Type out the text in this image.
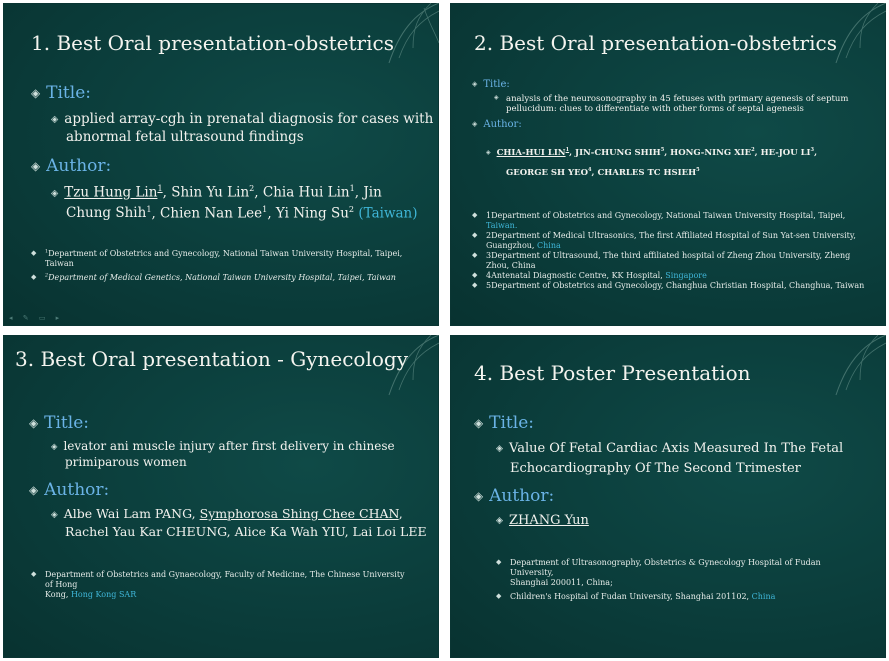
1. Best Oral presentation-obstetrics
◈ Title:
◈ applied array-cgh in prenatal diagnosis for cases with
abnormal fetal ultrasound findings
◈ Author:
◈ Tzu Hung Lin$^1$, Shin Yu Lin$^2$, Chia Hui Lin$^1$, Jin
Chung Shih$^1$, Chien Nan Lee$^1$, Yi Ning Su$^2$ (Taiwan)
◆ $^1$Department of Obstetrics and Gynecology, National Taiwan University Hospital, Taipei, Taiwan
◆ $^2$Department of Medical Genetics, National Taiwan University Hospital, Taipei, Taiwan
◂ ✎ ▭ ▸
2. Best Oral presentation-obstetrics
◈ Title:
◈ analysis of the neurosonography in 45 fetuses with primary agenesis of septum pellucidum: clues to differentiate with other forms of septal agenesis
◈ Author:
◈ CHIA-HUI LIN$^1$, JIN-CHUNG SHIH$^5$, HONG-NING XIE$^2$, HE-JOU $LI^3$,
GEORGE SH YEO$^4$, CHARLES TC HSIEH$^5$
◆ 1Department of Obstetrics and Gynecology, National Taiwan University Hospital, Taipei, Taiwan.
◆ 2Department of Medical Ultrasonics, The first Affiliated Hospital of Sun Yat-sen University, Guangzhou, China
◆ 3Department of Ultrasound, The third affiliated hospital of Zheng Zhou University, Zheng Zhou, China
◆ 4Antenatal Diagnostic Centre, KK Hospital, Singapore
◆ 5Department of Obstetrics and Gynecology, Changhua Christian Hospital, Changhua, Taiwan
3. Best Oral presentation - Gynecology
◈ Title:
◈ levator ani muscle injury after first delivery in chinese
primiparous women
◈ Author:
◈ Albe Wai Lam PANG, Symphorosa Shing Chee CHAN,
Rachel Yau Kar CHEUNG, Alice Ka Wah YIU, Lai Loi LEE
◆ Department of Obstetrics and Gynaecology, Faculty of Medicine, The Chinese University of Hong
Kong, Hong Kong SAR
4. Best Poster Presentation
◈ Title:
◈ Value Of Fetal Cardiac Axis Measured In The Fetal
Echocardiography Of The Second Trimester
◈ Author:
◈ ZHANG Yun
◆ Department of Ultrasonography, Obstetrics & Gynecology Hospital of Fudan University,
Shanghai 200011, China;
◆ Children's Hospital of Fudan University, Shanghai 201102, China
